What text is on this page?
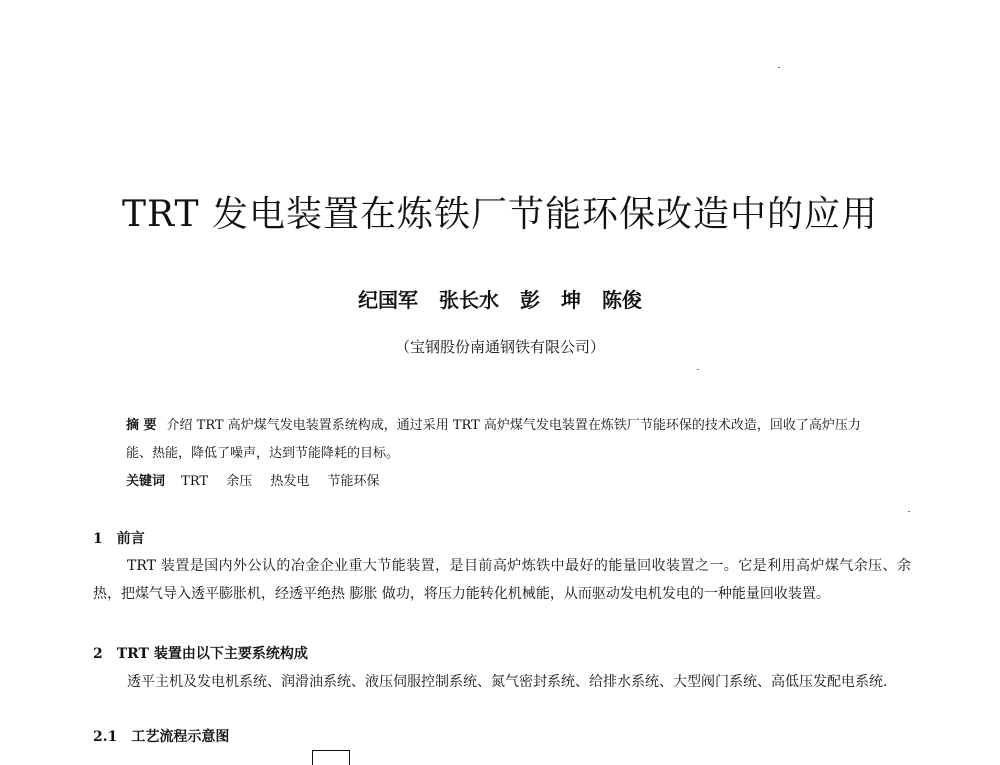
TRT 发电装置在炼铁厂节能环保改造中的应用
纪国军 张长水 彭 坤 陈俊
（宝钢股份南通钢铁有限公司）
摘 要 介绍 TRT 高炉煤气发电装置系统构成，通过采用 TRT 高炉煤气发电装置在炼铁厂节能环保的技术改造，回收了高炉压力能、热能，降低了噪声，达到节能降耗的目标。
关键词 TRT 余压 热发电 节能环保
1 前言
TRT 装置是国内外公认的冶金企业重大节能装置，是目前高炉炼铁中最好的能量回收装置之一。它是利用高炉煤气余压、余热，把煤气导入透平膨胀机，经透平绝热 膨胀 做功，将压力能转化机械能，从而驱动发电机发电的一种能量回收装置。
2 TRT 装置由以下主要系统构成
透平主机及发电机系统、润滑油系统、液压伺服控制系统、氮气密封系统、给排水系统、大型阀门系统、高低压发配电系统.
2.1 工艺流程示意图
